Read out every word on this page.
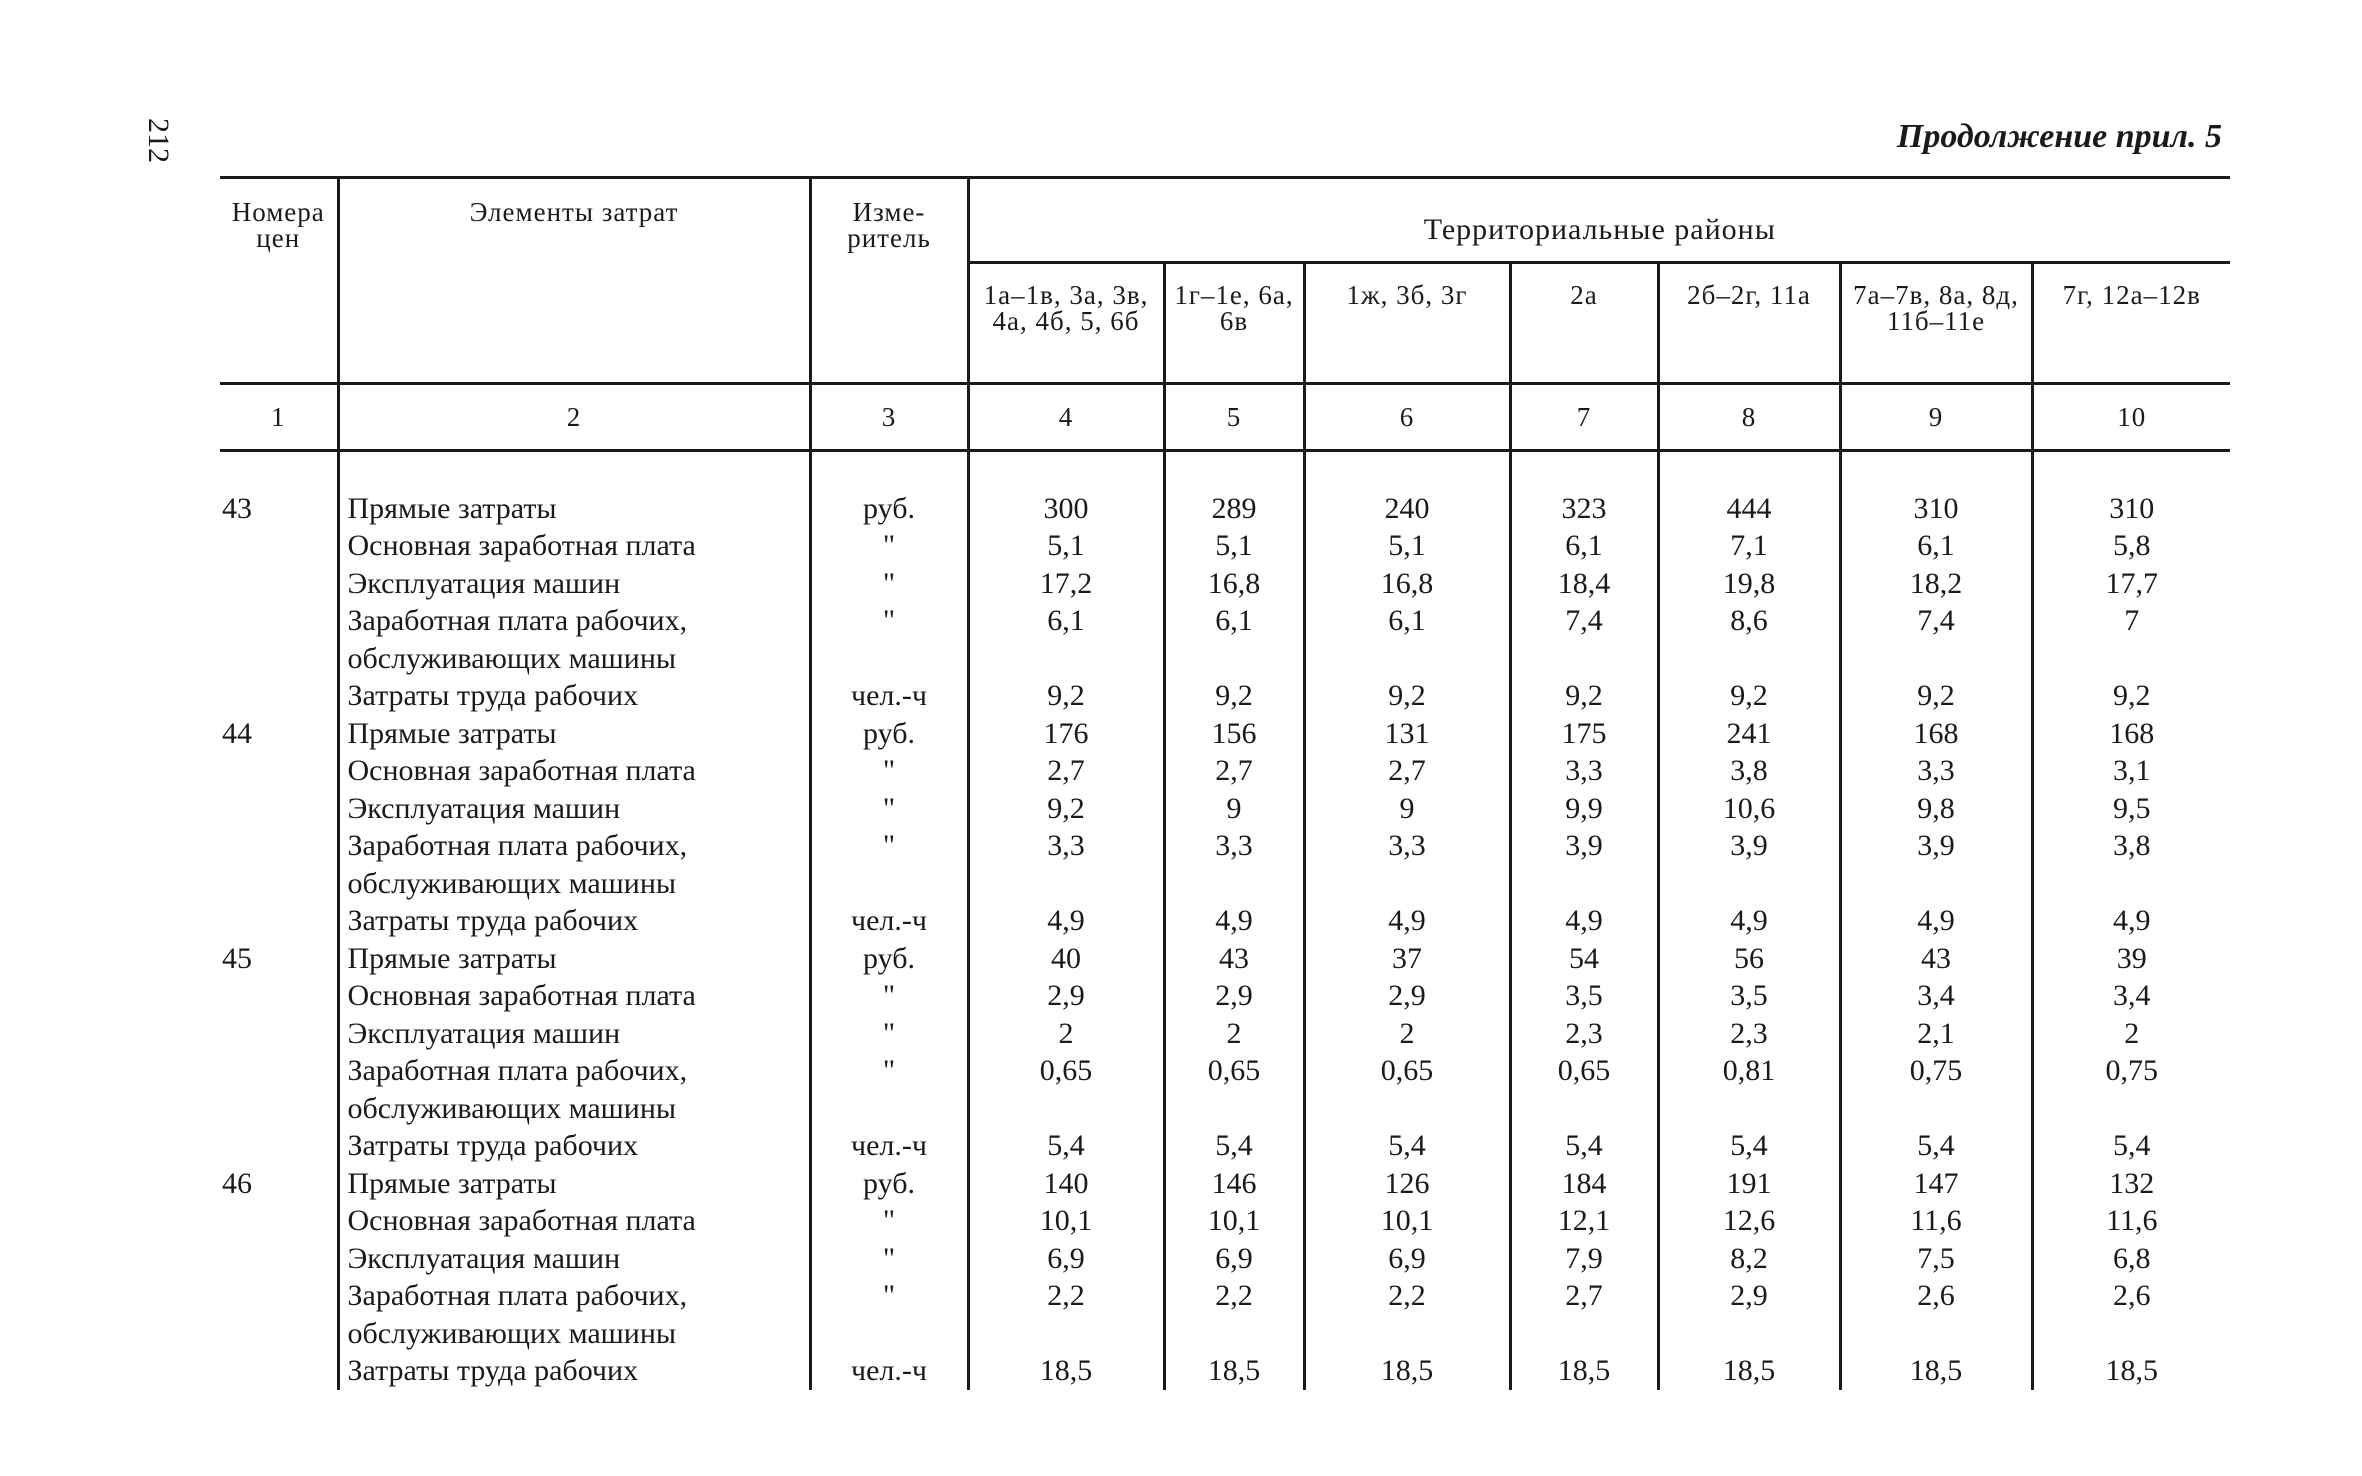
212	Продолжение прил. 5
Номера цен	Элементы затрат	Изме-ритель	Территориальные районы						
			1а–1в, 3а, 3в, 4а, 4б, 5, 6б	1г–1е, 6а, 6в	1ж, 3б, 3г	2а	2б–2г, 11а	7а–7в, 8а, 8д, 11б–11е	7г, 12а–12в
1	2	3	4	5	6	7	8	9	10

43	Прямые затраты	руб.	300	289	240	323	444	310	310
	Основная заработная плата	"	5,1	5,1	5,1	6,1	7,1	6,1	5,8
	Эксплуатация машин	"	17,2	16,8	16,8	18,4	19,8	18,2	17,7
	Заработная плата рабочих, обслуживающих машины	"	6,1	6,1	6,1	7,4	8,6	7,4	7
	Затраты труда рабочих	чел.-ч	9,2	9,2	9,2	9,2	9,2	9,2	9,2
44	Прямые затраты	руб.	176	156	131	175	241	168	168
	Основная заработная плата	"	2,7	2,7	2,7	3,3	3,8	3,3	3,1
	Эксплуатация машин	"	9,2	9	9	9,9	10,6	9,8	9,5
	Заработная плата рабочих, обслуживающих машины	"	3,3	3,3	3,3	3,9	3,9	3,9	3,8
	Затраты труда рабочих	чел.-ч	4,9	4,9	4,9	4,9	4,9	4,9	4,9
45	Прямые затраты	руб.	40	43	37	54	56	43	39
	Основная заработная плата	"	2,9	2,9	2,9	3,5	3,5	3,4	3,4
	Эксплуатация машин	"	2	2	2	2,3	2,3	2,1	2
	Заработная плата рабочих, обслуживающих машины	"	0,65	0,65	0,65	0,65	0,81	0,75	0,75
	Затраты труда рабочих	чел.-ч	5,4	5,4	5,4	5,4	5,4	5,4	5,4
46	Прямые затраты	руб.	140	146	126	184	191	147	132
	Основная заработная плата	"	10,1	10,1	10,1	12,1	12,6	11,6	11,6
	Эксплуатация машин	"	6,9	6,9	6,9	7,9	8,2	7,5	6,8
	Заработная плата рабочих, обслуживающих машины	"	2,2	2,2	2,2	2,7	2,9	2,6	2,6
	Затраты труда рабочих	чел.-ч	18,5	18,5	18,5	18,5	18,5	18,5	18,5
